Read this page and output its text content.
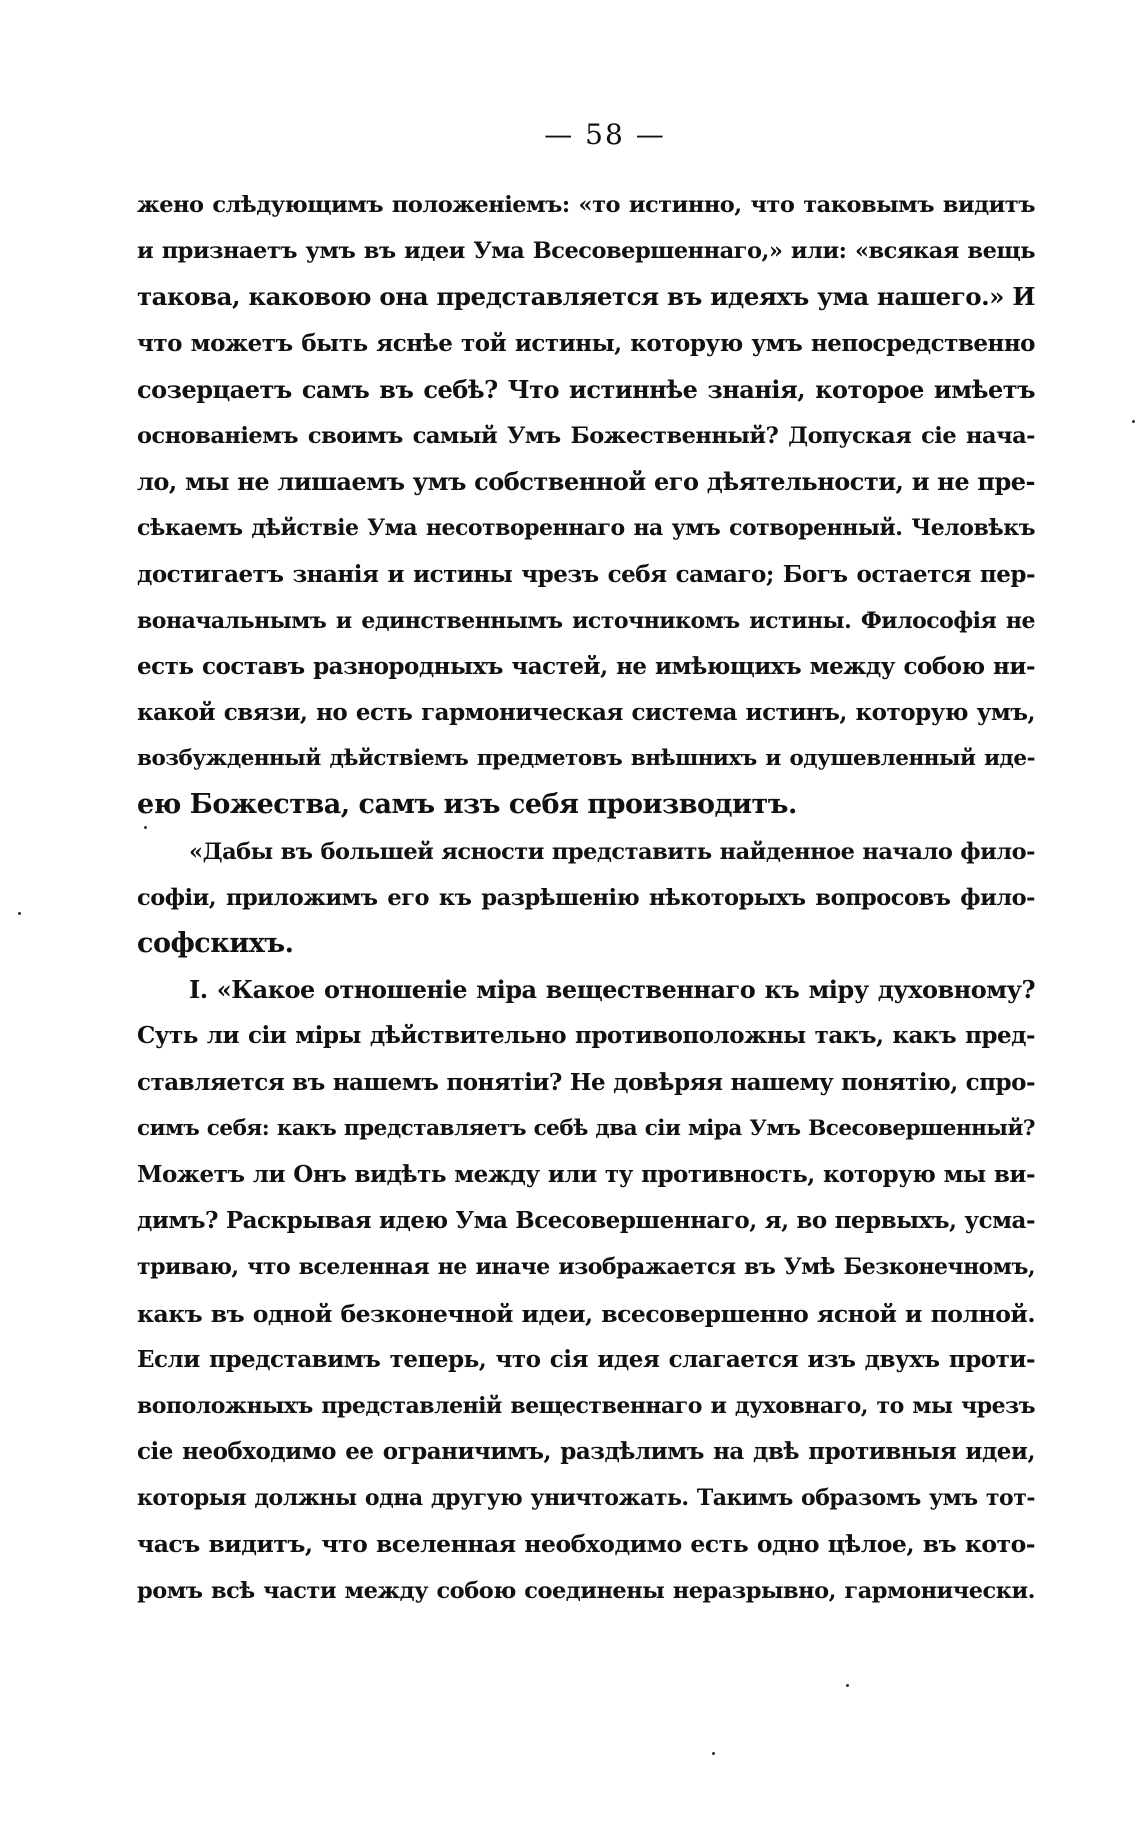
— 58 —
жено слѣдующимъ положеніемъ: «то истинно, что таковымъ видитъ
и признаетъ умъ въ идеи Ума Всесовершеннаго,» или: «всякая вещь
такова, каковою она представляется въ идеяхъ ума нашего.» И
что можетъ быть яснѣе той истины, которую умъ непосредственно
созерцаетъ самъ въ себѣ? Что истиннѣе знанія, которое имѣетъ
основаніемъ своимъ самый Умъ Божественный? Допуская сіе нача-
ло, мы не лишаемъ умъ собственной его дѣятельности, и не пре-
сѣкаемъ дѣйствіе Ума несотвореннаго на умъ сотворенный. Человѣкъ
достигаетъ знанія и истины чрезъ себя самаго; Богъ остается пер-
воначальнымъ и единственнымъ источникомъ истины. Философія не
есть составъ разнородныхъ частей, не имѣющихъ между собою ни-
какой связи, но есть гармоническая система истинъ, которую умъ,
возбужденный дѣйствіемъ предметовъ внѣшнихъ и одушевленный иде-
ею Божества, самъ изъ себя производитъ.
«Дабы въ большей ясности представить найденное начало фило-
софіи, приложимъ его къ разрѣшенію нѣкоторыхъ вопросовъ фило-
софскихъ.
I. «Какое отношеніе міра вещественнаго къ міру духовному?
Суть ли сіи міры дѣйствительно противоположны такъ, какъ пред-
ставляется въ нашемъ понятіи? Не довѣряя нашему понятію, спро-
симъ себя: какъ представляетъ себѣ два сіи міра Умъ Всесовершенный?
Можетъ ли Онъ видѣть между или ту противность, которую мы ви-
димъ? Раскрывая идею Ума Всесовершеннаго, я, во первыхъ, усма-
триваю, что вселенная не иначе изображается въ Умѣ Безконечномъ,
какъ въ одной безконечной идеи, всесовершенно ясной и полной.
Если представимъ теперь, что сія идея слагается изъ двухъ проти-
воположныхъ представленій вещественнаго и духовнаго, то мы чрезъ
сіе необходимо ее ограничимъ, раздѣлимъ на двѣ противныя идеи,
которыя должны одна другую уничтожать. Такимъ образомъ умъ тот-
часъ видитъ, что вселенная необходимо есть одно цѣлое, въ кото-
ромъ всѣ части между собою соединены неразрывно, гармонически.
